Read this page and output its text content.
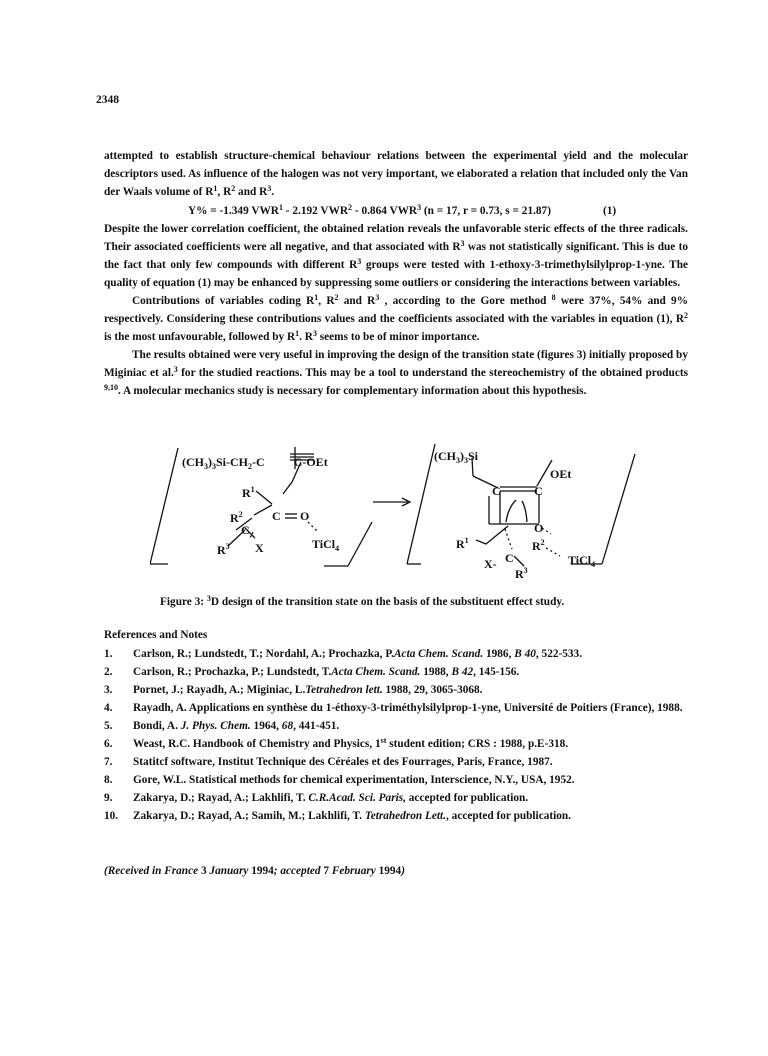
2348

attempted to establish structure-chemical behaviour relations between the experimental yield and the molecular descriptors used. As influence of the halogen was not very important, we elaborated a relation that included only the Van der Waals volume of $R^1$, $R^2$ and $R^3$.

Y% = -1.349 VWR$^1$ - 2.192 VWR$^2$ - 0.864 VWR$^3$ (n = 17, r = 0.73, s = 21.87)	(1)

Despite the lower correlation coefficient, the obtained relation reveals the unfavorable steric effects of the three radicals. Their associated coefficients were all negative, and that associated with $R^3$ was not statistically significant. This is due to the fact that only few compounds with different $R^3$ groups were tested with 1-ethoxy-3-trimethylsilylprop-1-yne. The quality of equation (1) may be enhanced by suppressing some outliers or considering the interactions between variables.

Contributions of variables coding $R^1$, $R^2$ and $R^3$ , according to the Gore method $^8$ were 37%, 54% and 9% respectively. Considering these contributions values and the coefficients associated with the variables in equation (1), $R^2$ is the most unfavourable, followed by $R^1$. $R^3$ seems to be of minor importance.

The results obtained were very useful in improving the design of the transition state (figures 3) initially proposed by Miginiac et al.$^3$ for the studied reactions. This may be a tool to understand the stereochemistry of the obtained products $^{9,10}$. A molecular mechanics study is necessary for complementary information about this hypothesis.

$(CH_3)_3Si-CH_2-C$ C-OEt
$R^1$
$R^2$ C O
C
$R^3$ X	TiCl$_4$
$(CH_3)_3Si$
OEt
C	C
O
$R^1$	$R^2$
X- C
$R^3$
TiCl$_4$
Figure 3: $^3$D design of the transition state on the basis of the substituent effect study.
References and Notes
1.	Carlson, R.; Lundstedt, T.; Nordahl, A.; Prochazka, P.Acta Chem. Scand. 1986, B 40, 522-533.
2.	Carlson, R.; Prochazka, P.; Lundstedt, T.Acta Chem. Scand. 1988, B 42, 145-156.
3.	Pornet, J.; Rayadh, A.; Miginiac, L.Tetrahedron lett. 1988, 29, 3065-3068.
4.	Rayadh, A. Applications en synthèse du 1-éthoxy-3-triméthylsilylprop-1-yne, Université de Poitiers (France), 1988.
5.	Bondi, A. J. Phys. Chem. 1964, 68, 441-451.
6.	Weast, R.C. Handbook of Chemistry and Physics, 1st student edition; CRS : 1988, p.E-318.
7.	Statitcf software, Institut Technique des Céréales et des Fourrages, Paris, France, 1987.
8.	Gore, W.L. Statistical methods for chemical experimentation, Interscience, N.Y., USA, 1952.
9.	Zakarya, D.; Rayad, A.; Lakhlifi, T. C.R.Acad. Sci. Paris, accepted for publication.
10.	Zakarya, D.; Rayad, A.; Samih, M.; Lakhlifi, T. Tetrahedron Lett., accepted for publication.
(Received in France 3 January 1994; accepted 7 February 1994)
